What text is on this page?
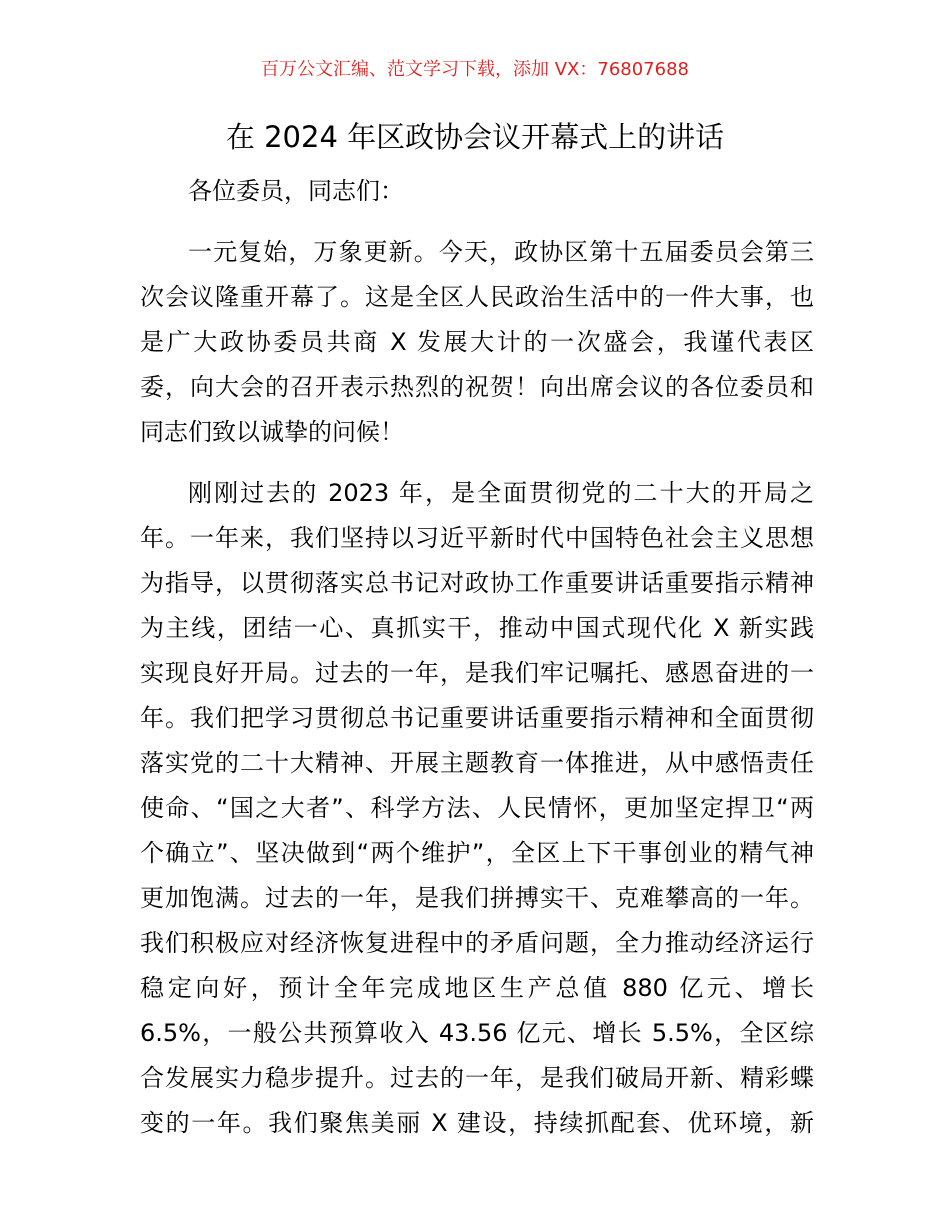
百万公文汇编、范文学习下载，添加 VX：76807688
在 2024 年区政协会议开幕式上的讲话
各位委员，同志们：
一元复始，万象更新。今天，政协区第十五届委员会第三
次会议隆重开幕了。这是全区人民政治生活中的一件大事，也
是广大政协委员共商 X 发展大计的一次盛会，我谨代表区
委，向大会的召开表示热烈的祝贺！向出席会议的各位委员和
同志们致以诚挚的问候！
刚刚过去的 2023 年，是全面贯彻党的二十大的开局之
年。一年来，我们坚持以习近平新时代中国特色社会主义思想
为指导，以贯彻落实总书记对政协工作重要讲话重要指示精神
为主线，团结一心、真抓实干，推动中国式现代化 X 新实践
实现良好开局。过去的一年，是我们牢记嘱托、感恩奋进的一
年。我们把学习贯彻总书记重要讲话重要指示精神和全面贯彻
落实党的二十大精神、开展主题教育一体推进，从中感悟责任
使命、“国之大者”、科学方法、人民情怀，更加坚定捍卫“两
个确立”、坚决做到“两个维护”，全区上下干事创业的精气神
更加饱满。过去的一年，是我们拼搏实干、克难攀高的一年。
我们积极应对经济恢复进程中的矛盾问题，全力推动经济运行
稳定向好，预计全年完成地区生产总值 880 亿元、增长
6.5%，一般公共预算收入 43.56 亿元、增长 5.5%，全区综
合发展实力稳步提升。过去的一年，是我们破局开新、精彩蝶
变的一年。我们聚焦美丽 X 建设，持续抓配套、优环境，新
